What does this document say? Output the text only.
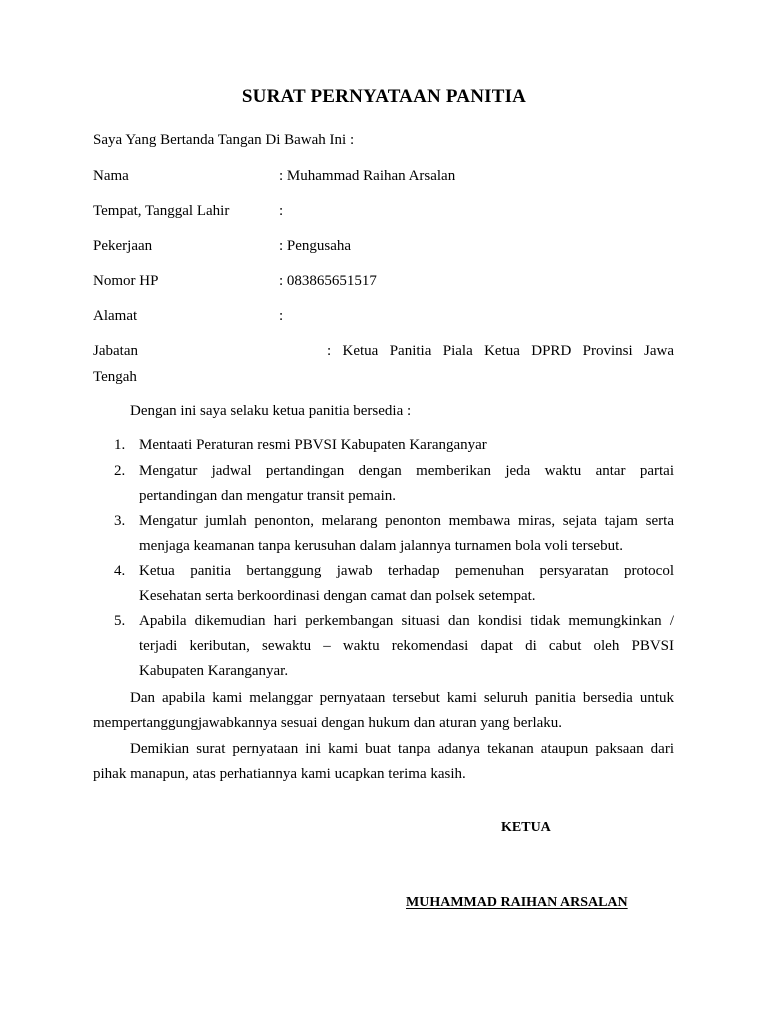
SURAT PERNYATAAN PANITIA
Saya Yang Bertanda Tangan Di Bawah Ini :
Nama	: Muhammad Raihan Arsalan
Tempat, Tanggal Lahir	:
Pekerjaan	: Pengusaha
Nomor HP	: 083865651517
Alamat	:
Jabatan	: Ketua Panitia Piala Ketua DPRD Provinsi Jawa
Tengah
Dengan ini saya selaku ketua panitia bersedia :
1. Mentaati Peraturan resmi PBVSI Kabupaten Karanganyar
2. Mengatur jadwal pertandingan dengan memberikan jeda waktu antar partai
pertandingan dan mengatur transit pemain.
3. Mengatur jumlah penonton, melarang penonton membawa miras, sejata tajam serta
menjaga keamanan tanpa kerusuhan dalam jalannya turnamen bola voli tersebut.
4. Ketua panitia bertanggung jawab terhadap pemenuhan persyaratan protocol
Kesehatan serta berkoordinasi dengan camat dan polsek setempat.
5. Apabila dikemudian hari perkembangan situasi dan kondisi tidak memungkinkan /
terjadi keributan, sewaktu – waktu rekomendasi dapat di cabut oleh PBVSI
Kabupaten Karanganyar.
Dan apabila kami melanggar pernyataan tersebut kami seluruh panitia bersedia untuk
mempertanggungjawabkannya sesuai dengan hukum dan aturan yang berlaku.
Demikian surat pernyataan ini kami buat tanpa adanya tekanan ataupun paksaan dari
pihak manapun, atas perhatiannya kami ucapkan terima kasih.
KETUA
MUHAMMAD RAIHAN ARSALAN
